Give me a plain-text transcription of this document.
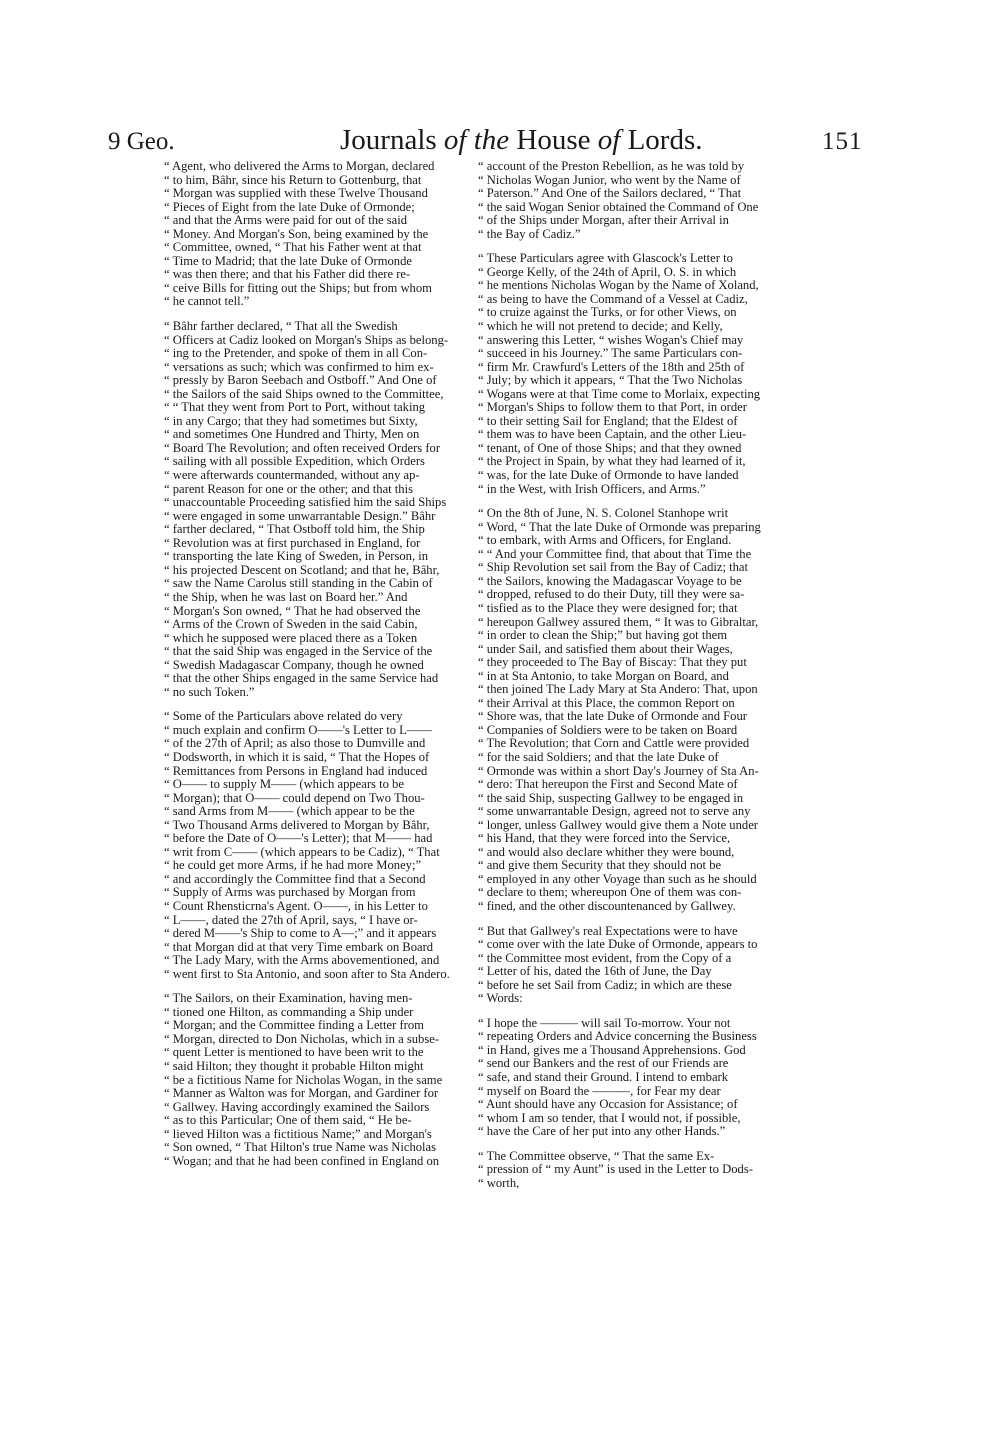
9 Geo.	Journals of the House of Lords.	151

“ Agent, who delivered the Arms to Morgan, declared
“ to him, Bâhr, since his Return to Gottenburg, that
“ Morgan was supplied with these Twelve Thousand
“ Pieces of Eight from the late Duke of Ormonde;
“ and that the Arms were paid for out of the said
“ Money. And Morgan's Son, being examined by the
“ Committee, owned, “ That his Father went at that
“ Time to Madrid; that the late Duke of Ormonde
“ was then there; and that his Father did there re-
“ ceive Bills for fitting out the Ships; but from whom
“ he cannot tell.”

“ Bâhr farther declared, “ That all the Swedish
“ Officers at Cadiz looked on Morgan's Ships as belong-
“ ing to the Pretender, and spoke of them in all Con-
“ versations as such; which was confirmed to him ex-
“ pressly by Baron Seebach and Ostboff.” And One of
“ the Sailors of the said Ships owned to the Committee,
“ “ That they went from Port to Port, without taking
“ in any Cargo; that they had sometimes but Sixty,
“ and sometimes One Hundred and Thirty, Men on
“ Board The Revolution; and often received Orders for
“ sailing with all possible Expedition, which Orders
“ were afterwards countermanded, without any ap-
“ parent Reason for one or the other; and that this
“ unaccountable Proceeding satisfied him the said Ships
“ were engaged in some unwarrantable Design.” Bâhr
“ farther declared, “ That Ostboff told him, the Ship
“ Revolution was at first purchased in England, for
“ transporting the late King of Sweden, in Person, in
“ his projected Descent on Scotland; and that he, Bâhr,
“ saw the Name Carolus still standing in the Cabin of
“ the Ship, when he was last on Board her.” And
“ Morgan's Son owned, “ That he had observed the
“ Arms of the Crown of Sweden in the said Cabin,
“ which he supposed were placed there as a Token
“ that the said Ship was engaged in the Service of the
“ Swedish Madagascar Company, though he owned
“ that the other Ships engaged in the same Service had
“ no such Token.”

“ Some of the Particulars above related do very
“ much explain and confirm O——'s Letter to L——
“ of the 27th of April; as also those to Dumville and
“ Dodsworth, in which it is said, “ That the Hopes of
“ Remittances from Persons in England had induced
“ O—— to supply M—— (which appears to be
“ Morgan); that O—— could depend on Two Thou-
“ sand Arms from M—— (which appear to be the
“ Two Thousand Arms delivered to Morgan by Bâhr,
“ before the Date of O——'s Letter); that M—— had
“ writ from C—— (which appears to be Cadiz), “ That
“ he could get more Arms, if he had more Money;”
“ and accordingly the Committee find that a Second
“ Supply of Arms was purchased by Morgan from
“ Count Rhensticrna's Agent. O——, in his Letter to
“ L——, dated the 27th of April, says, “ I have or-
“ dered M——'s Ship to come to A—;” and it appears
“ that Morgan did at that very Time embark on Board
“ The Lady Mary, with the Arms abovementioned, and
“ went first to Sta Antonio, and soon after to Sta Andero.

“ The Sailors, on their Examination, having men-
“ tioned one Hilton, as commanding a Ship under
“ Morgan; and the Committee finding a Letter from
“ Morgan, directed to Don Nicholas, which in a subse-
“ quent Letter is mentioned to have been writ to the
“ said Hilton; they thought it probable Hilton might
“ be a fictitious Name for Nicholas Wogan, in the same
“ Manner as Walton was for Morgan, and Gardiner for
“ Gallwey. Having accordingly examined the Sailors
“ as to this Particular; One of them said, “ He be-
“ lieved Hilton was a fictitious Name;” and Morgan's
“ Son owned, “ That Hilton's true Name was Nicholas
“ Wogan; and that he had been confined in England on

“ account of the Preston Rebellion, as he was told by
“ Nicholas Wogan Junior, who went by the Name of
“ Paterson.” And One of the Sailors declared, “ That
“ the said Wogan Senior obtained the Command of One
“ of the Ships under Morgan, after their Arrival in
“ the Bay of Cadiz.”

“ These Particulars agree with Glascock's Letter to
“ George Kelly, of the 24th of April, O. S. in which
“ he mentions Nicholas Wogan by the Name of Xoland,
“ as being to have the Command of a Vessel at Cadiz,
“ to cruize against the Turks, or for other Views, on
“ which he will not pretend to decide; and Kelly,
“ answering this Letter, “ wishes Wogan's Chief may
“ succeed in his Journey.” The same Particulars con-
“ firm Mr. Crawfurd's Letters of the 18th and 25th of
“ July; by which it appears, “ That the Two Nicholas
“ Wogans were at that Time come to Morlaix, expecting
“ Morgan's Ships to follow them to that Port, in order
“ to their setting Sail for England; that the Eldest of
“ them was to have been Captain, and the other Lieu-
“ tenant, of One of those Ships; and that they owned
“ the Project in Spain, by what they had learned of it,
“ was, for the late Duke of Ormonde to have landed
“ in the West, with Irish Officers, and Arms.”

“ On the 8th of June, N. S. Colonel Stanhope writ
“ Word, “ That the late Duke of Ormonde was preparing
“ to embark, with Arms and Officers, for England.
“ “ And your Committee find, that about that Time the
“ Ship Revolution set sail from the Bay of Cadiz; that
“ the Sailors, knowing the Madagascar Voyage to be
“ dropped, refused to do their Duty, till they were sa-
“ tisfied as to the Place they were designed for; that
“ hereupon Gallwey assured them, “ It was to Gibraltar,
“ in order to clean the Ship;” but having got them
“ under Sail, and satisfied them about their Wages,
“ they proceeded to The Bay of Biscay: That they put
“ in at Sta Antonio, to take Morgan on Board, and
“ then joined The Lady Mary at Sta Andero: That, upon
“ their Arrival at this Place, the common Report on
“ Shore was, that the late Duke of Ormonde and Four
“ Companies of Soldiers were to be taken on Board
“ The Revolution; that Corn and Cattle were provided
“ for the said Soldiers; and that the late Duke of
“ Ormonde was within a short Day's Journey of Sta An-
“ dero: That hereupon the First and Second Mate of
“ the said Ship, suspecting Gallwey to be engaged in
“ some unwarrantable Design, agreed not to serve any
“ longer, unless Gallwey would give them a Note under
“ his Hand, that they were forced into the Service,
“ and would also declare whither they were bound,
“ and give them Security that they should not be
“ employed in any other Voyage than such as he should
“ declare to them; whereupon One of them was con-
“ fined, and the other discountenanced by Gallwey.

“ But that Gallwey's real Expectations were to have
“ come over with the late Duke of Ormonde, appears to
“ the Committee most evident, from the Copy of a
“ Letter of his, dated the 16th of June, the Day
“ before he set Sail from Cadiz; in which are these
“ Words:

“ I hope the ——— will sail To-morrow. Your not
“ repeating Orders and Advice concerning the Business
“ in Hand, gives me a Thousand Apprehensions. God
“ send our Bankers and the rest of our Friends are
“ safe, and stand their Ground. I intend to embark
“ myself on Board the ———, for Fear my dear
“ Aunt should have any Occasion for Assistance; of
“ whom I am so tender, that I would not, if possible,
“ have the Care of her put into any other Hands.”

“ The Committee observe, “ That the same Ex-
“ pression of “ my Aunt” is used in the Letter to Dods-
“ worth,
